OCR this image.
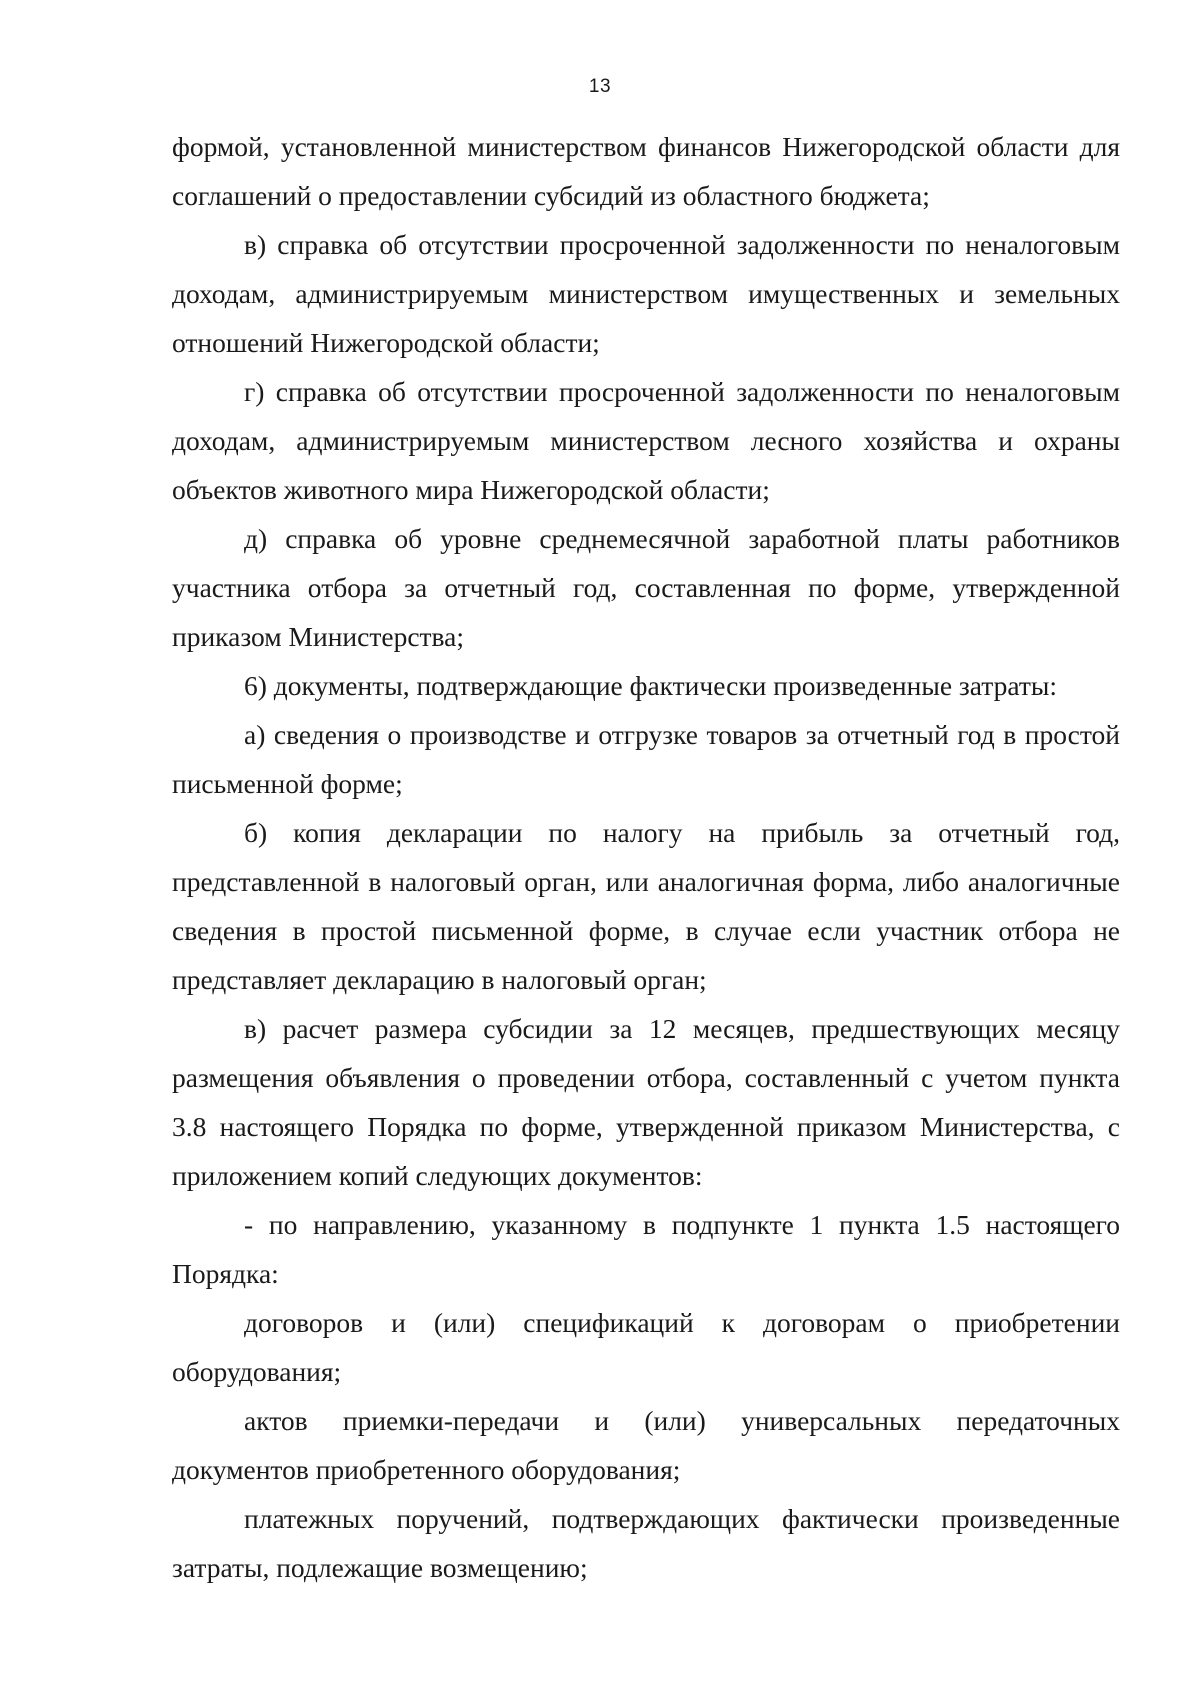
13

формой, установленной министерством финансов Нижегородской области для соглашений о предоставлении субсидий из областного бюджета;

в) справка об отсутствии просроченной задолженности по неналоговым доходам, администрируемым министерством имущественных и земельных отношений Нижегородской области;

г) справка об отсутствии просроченной задолженности по неналоговым доходам, администрируемым министерством лесного хозяйства и охраны объектов животного мира Нижегородской области;

д) справка об уровне среднемесячной заработной платы работников участника отбора за отчетный год, составленная по форме, утвержденной приказом Министерства;

6) документы, подтверждающие фактически произведенные затраты:

а) сведения о производстве и отгрузке товаров за отчетный год в простой письменной форме;

б) копия декларации по налогу на прибыль за отчетный год, представленной в налоговый орган, или аналогичная форма, либо аналогичные сведения в простой письменной форме, в случае если участник отбора не представляет декларацию в налоговый орган;

в) расчет размера субсидии за 12 месяцев, предшествующих месяцу размещения объявления о проведении отбора, составленный с учетом пункта 3.8 настоящего Порядка по форме, утвержденной приказом Министерства, с приложением копий следующих документов:

- по направлению, указанному в подпункте 1 пункта 1.5 настоящего Порядка:

договоров и (или) спецификаций к договорам о приобретении оборудования;

актов приемки-передачи и (или) универсальных передаточных документов приобретенного оборудования;

платежных поручений, подтверждающих фактически произведенные затраты, подлежащие возмещению;
